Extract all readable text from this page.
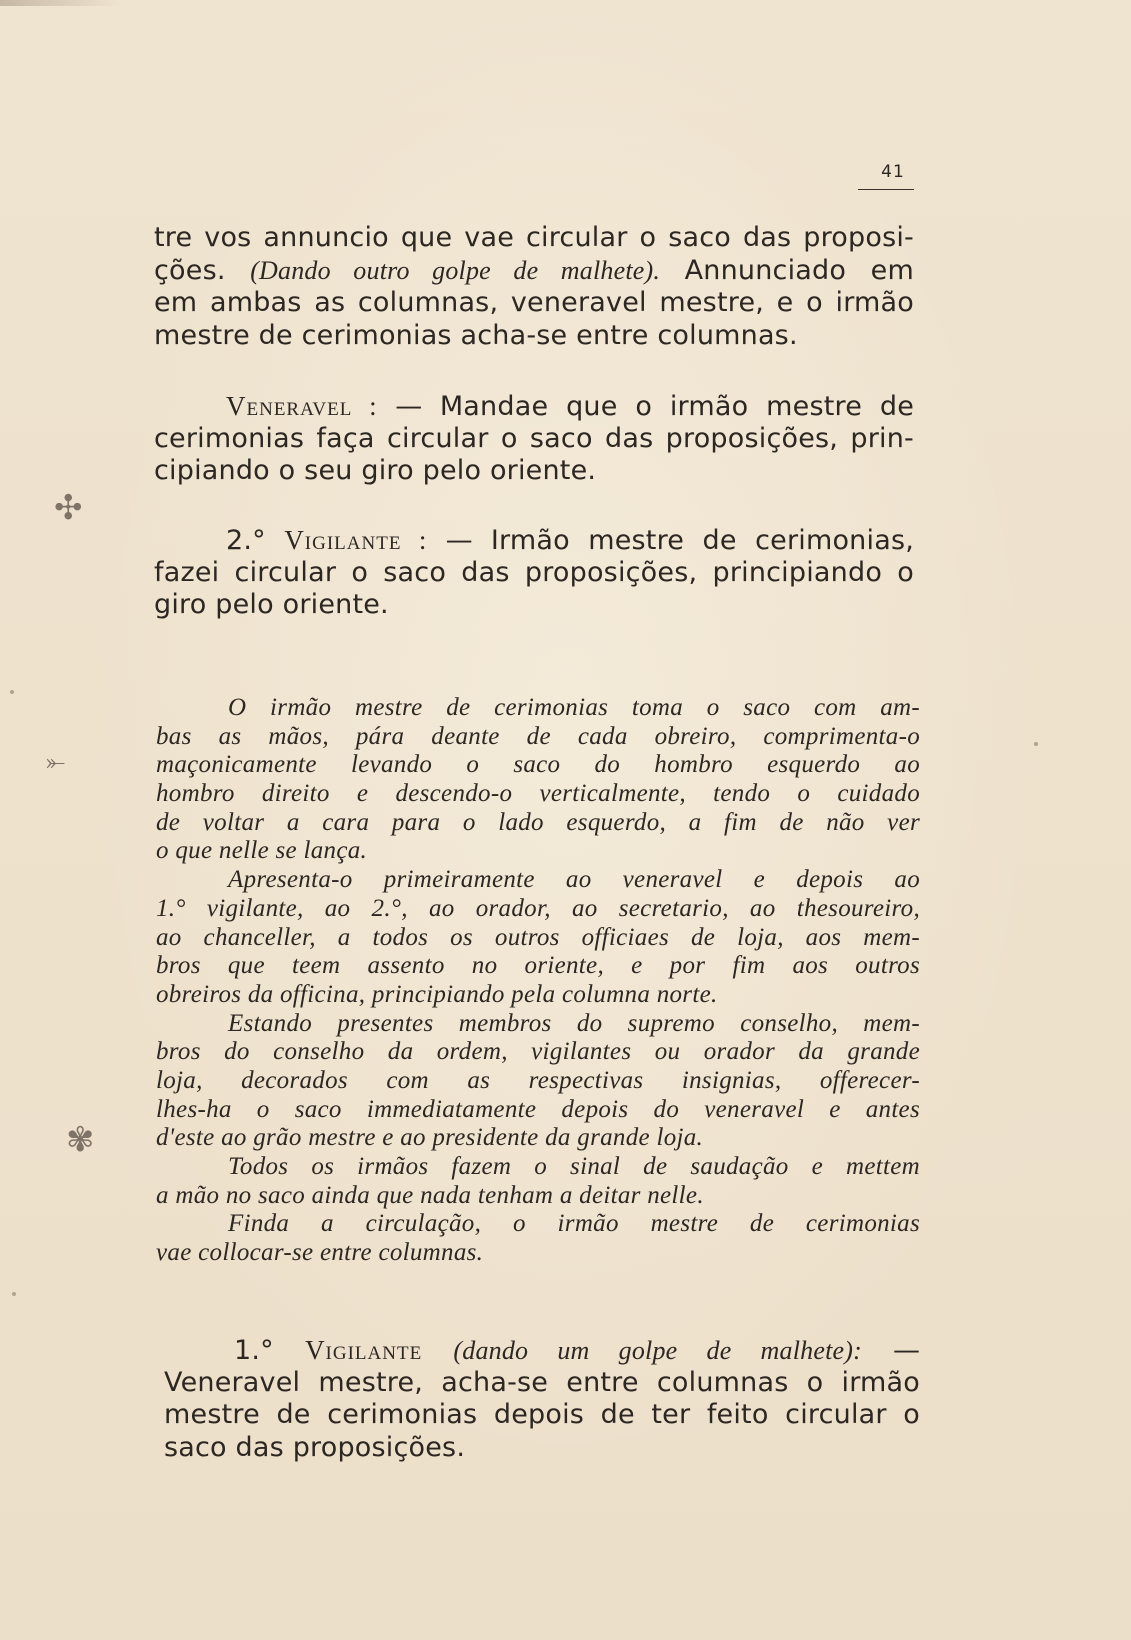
41
tre vos annuncio que vae circular o saco das proposi-
ções. (Dando outro golpe de malhete). Annunciado em
em ambas as columnas, veneravel mestre, e o irmão
mestre de cerimonias acha-se entre columnas.
Veneravel : — Mandae que o irmão mestre de
cerimonias faça circular o saco das proposições, prin-
cipiando o seu giro pelo oriente.
2.° Vigilante : — Irmão mestre de cerimonias,
fazei circular o saco das proposições, principiando o
giro pelo oriente.
O irmão mestre de cerimonias toma o saco com am-
bas as mãos, pára deante de cada obreiro, comprimenta-o
maçonicamente levando o saco do hombro esquerdo ao
hombro direito e descendo-o verticalmente, tendo o cuidado
de voltar a cara para o lado esquerdo, a fim de não ver
o que nelle se lança.
Apresenta-o primeiramente ao veneravel e depois ao
1.° vigilante, ao 2.°, ao orador, ao secretario, ao thesoureiro,
ao chanceller, a todos os outros officiaes de loja, aos mem-
bros que teem assento no oriente, e por fim aos outros
obreiros da officina, principiando pela columna norte.
Estando presentes membros do supremo conselho, mem-
bros do conselho da ordem, vigilantes ou orador da grande
loja, decorados com as respectivas insignias, offerecer-
lhes-ha o saco immediatamente depois do veneravel e antes
d'este ao grão mestre e ao presidente da grande loja.
Todos os irmãos fazem o sinal de saudação e mettem
a mão no saco ainda que nada tenham a deitar nelle.
Finda a circulação, o irmão mestre de cerimonias
vae collocar-se entre columnas.
1.° Vigilante (dando um golpe de malhete): —
Veneravel mestre, acha-se entre columnas o irmão
mestre de cerimonias depois de ter feito circular o
saco das proposições.
✣
⤜
✾
